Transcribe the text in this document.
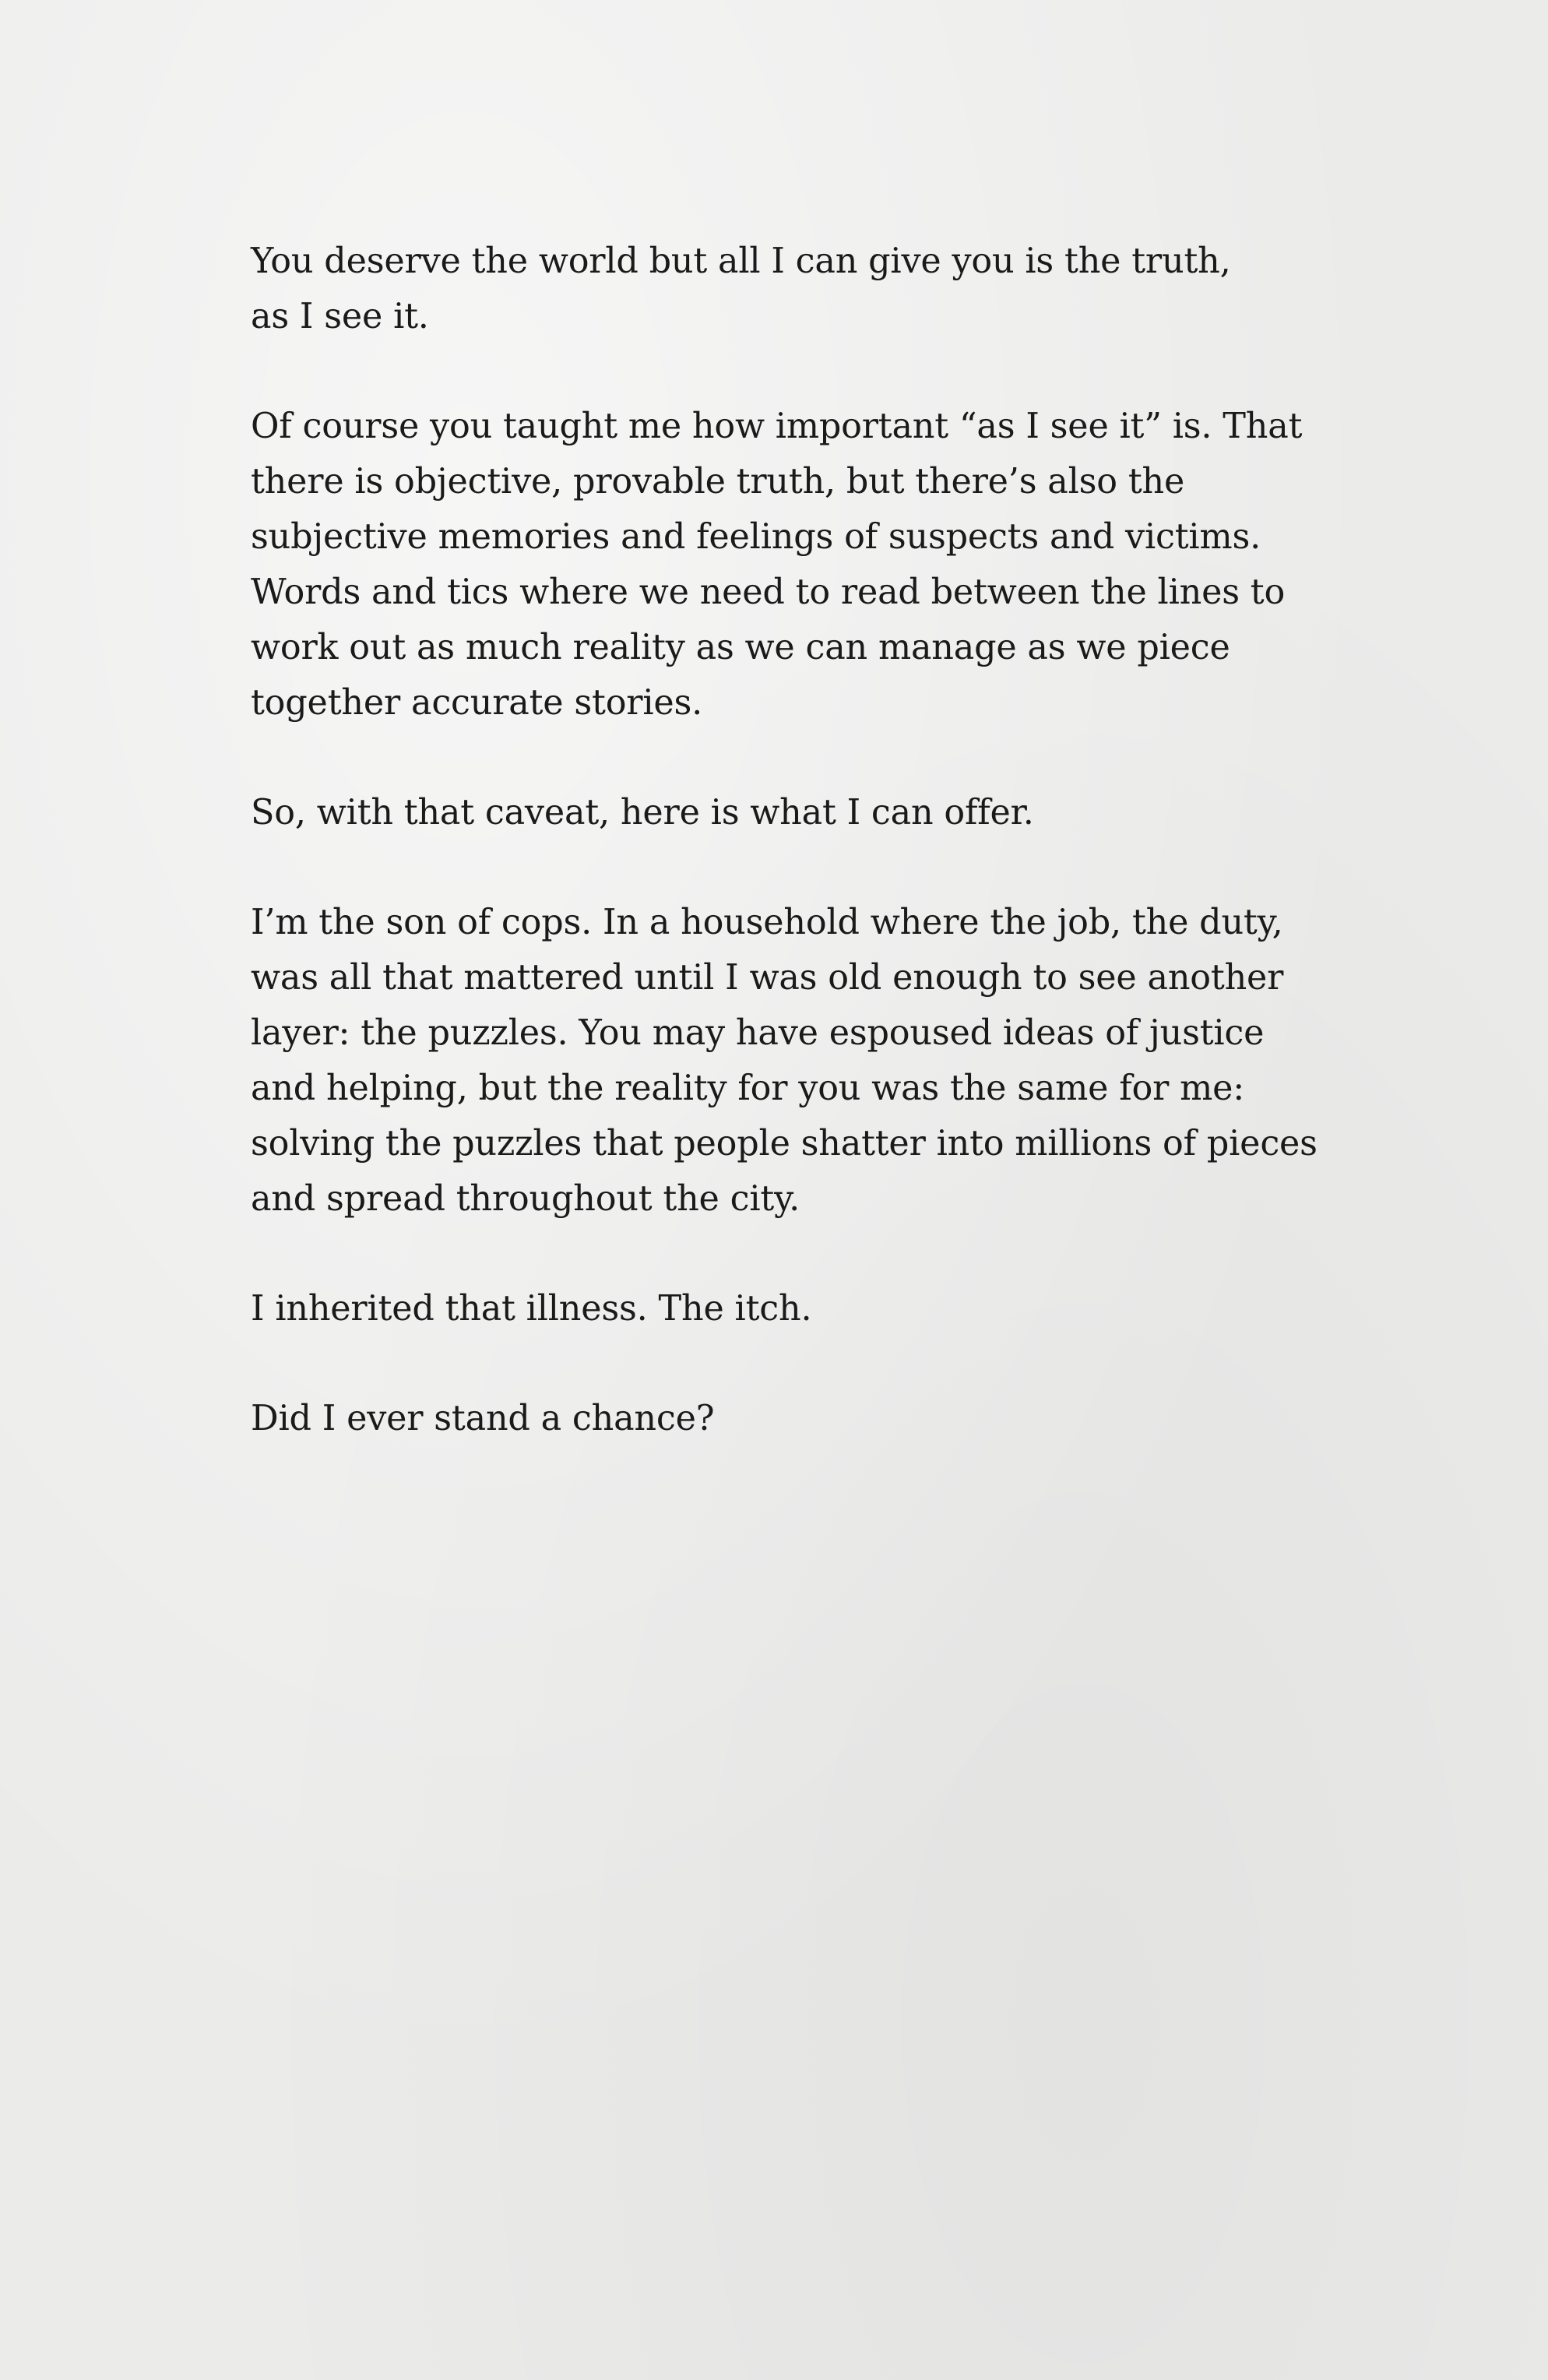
You deserve the world but all I can give you is the truth,
as I see it.

Of course you taught me how important “as I see it” is. That
there is objective, provable truth, but there’s also the
subjective memories and feelings of suspects and victims.
Words and tics where we need to read between the lines to
work out as much reality as we can manage as we piece
together accurate stories.

So, with that caveat, here is what I can offer.

I’m the son of cops. In a household where the job, the duty,
was all that mattered until I was old enough to see another
layer: the puzzles. You may have espoused ideas of justice
and helping, but the reality for you was the same for me:
solving the puzzles that people shatter into millions of pieces
and spread throughout the city.

I inherited that illness. The itch.

Did I ever stand a chance?
